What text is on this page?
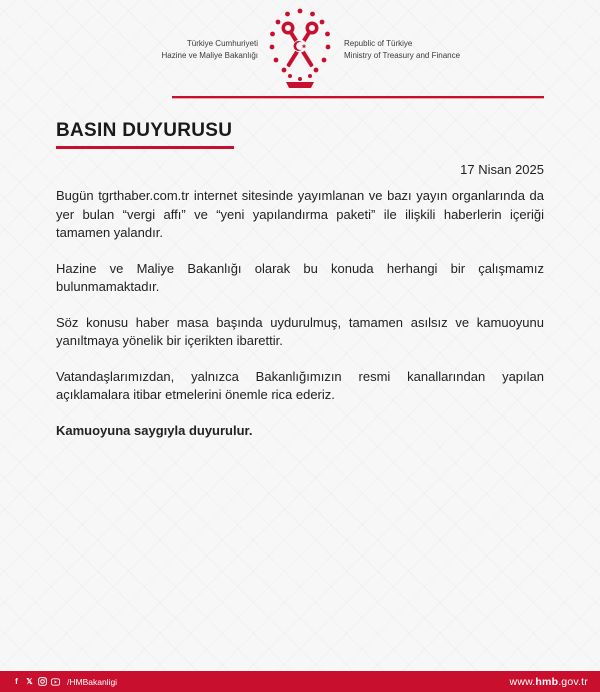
Türkiye Cumhuriyeti
Hazine ve Maliye Bakanlığı
Republic of Türkiye
Ministry of Treasury and Finance
BASIN DUYURUSU
17 Nisan 2025

Bugün tgrthaber.com.tr internet sitesinde yayımlanan ve bazı yayın organlarında da yer bulan “vergi affı” ve “yeni yapılandırma paketi” ile ilişkili haberlerin içeriği tamamen yalandır.

Hazine ve Maliye Bakanlığı olarak bu konuda herhangi bir çalışmamız bulunmamaktadır.

Söz konusu haber masa başında uydurulmuş, tamamen asılsız ve kamuoyunu yanıltmaya yönelik bir içerikten ibarettir.

Vatandaşlarımızdan, yalnızca Bakanlığımızın resmi kanallarından yapılan açıklamalara itibar etmelerini önemle rica ederiz.

Kamuoyuna saygıyla duyurulur.

f	𝕏	/HMBakanligi	www. hmb .gov.tr
